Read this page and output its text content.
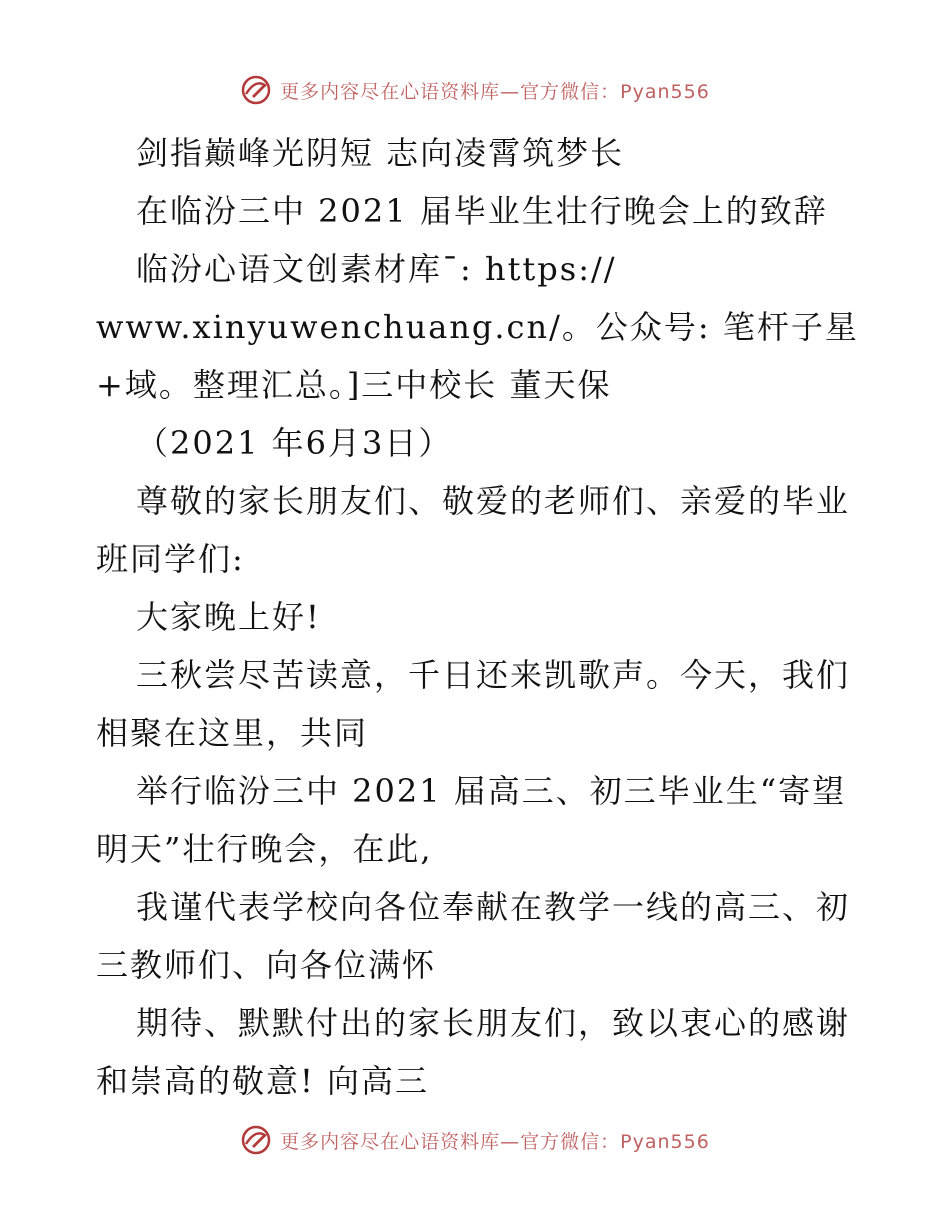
更多内容尽在心语资料库—官方微信：Pyan556
剑指巅峰光阴短 志向凌霄筑梦长
在临汾三中 2021 届毕业生壮行晚会上的致辞
临汾心语文创素材库¯: https://
www.xinyuwenchuang.cn/。公众号: 笔杆子星
+域。整理汇总。]三中校长 董天保
（2021 年6月3日）
尊敬的家长朋友们、敬爱的老师们、亲爱的毕业
班同学们:
大家晚上好!
三秋尝尽苦读意，千日还来凯歌声。今天，我们
相聚在这里，共同
举行临汾三中 2021 届高三、初三毕业生“寄望
明天”壮行晚会，在此,
我谨代表学校向各位奉献在教学一线的高三、初
三教师们、向各位满怀
期待、默默付出的家长朋友们，致以衷心的感谢
和崇高的敬意! 向高三
更多内容尽在心语资料库—官方微信：Pyan556
